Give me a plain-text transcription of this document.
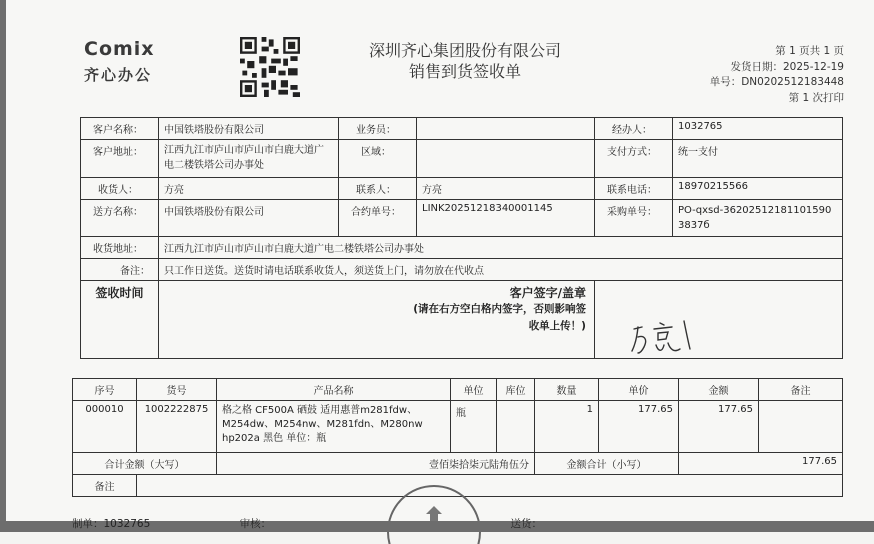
Comix
齐心办公
深圳齐心集团股份有限公司
销售到货签收单
第 1 页共 1 页
发货日期：2025-12-19
单号：DN0202512183448
第 1 次打印
客户名称：	中国铁塔股份有限公司	业务员：		经办人：	1032765
客户地址：	江西九江市庐山市庐山市白鹿大道广电二楼铁塔公司办事处	区域：		支付方式：	统一支付
收货人：	方亮	联系人：	方亮	联系电话：	18970215566
送方名称：	中国铁塔股份有限公司	合约单号：	LINK20251218340001145	采购单号：	PO-qxsd-362025121811015903837б
收货地址：	江西九江市庐山市庐山市白鹿大道广电二楼铁塔公司办事处				
备注：	只工作日送货。送货时请电话联系收货人，须送货上门，请勿放在代收点				
签收时间	客户签字/盖章
(请在右方空白格内签字，否则影响签收单上传！)				

序号	货号	产品名称	单位	库位	数量	单价	金额	备注
000010	1002222875	格之格 CF500A 硒鼓 适用惠普m281fdw、M254dw、M254nw、M281fdn、M280nw hp202a 黑色 单位：瓶	瓶		1	177.65	177.65	
合计金额（大写）		壹佰柒拾柒元陆角伍分			金额合计（小写）		177.65	
备注								
制单：1032765	审核：	送货：
